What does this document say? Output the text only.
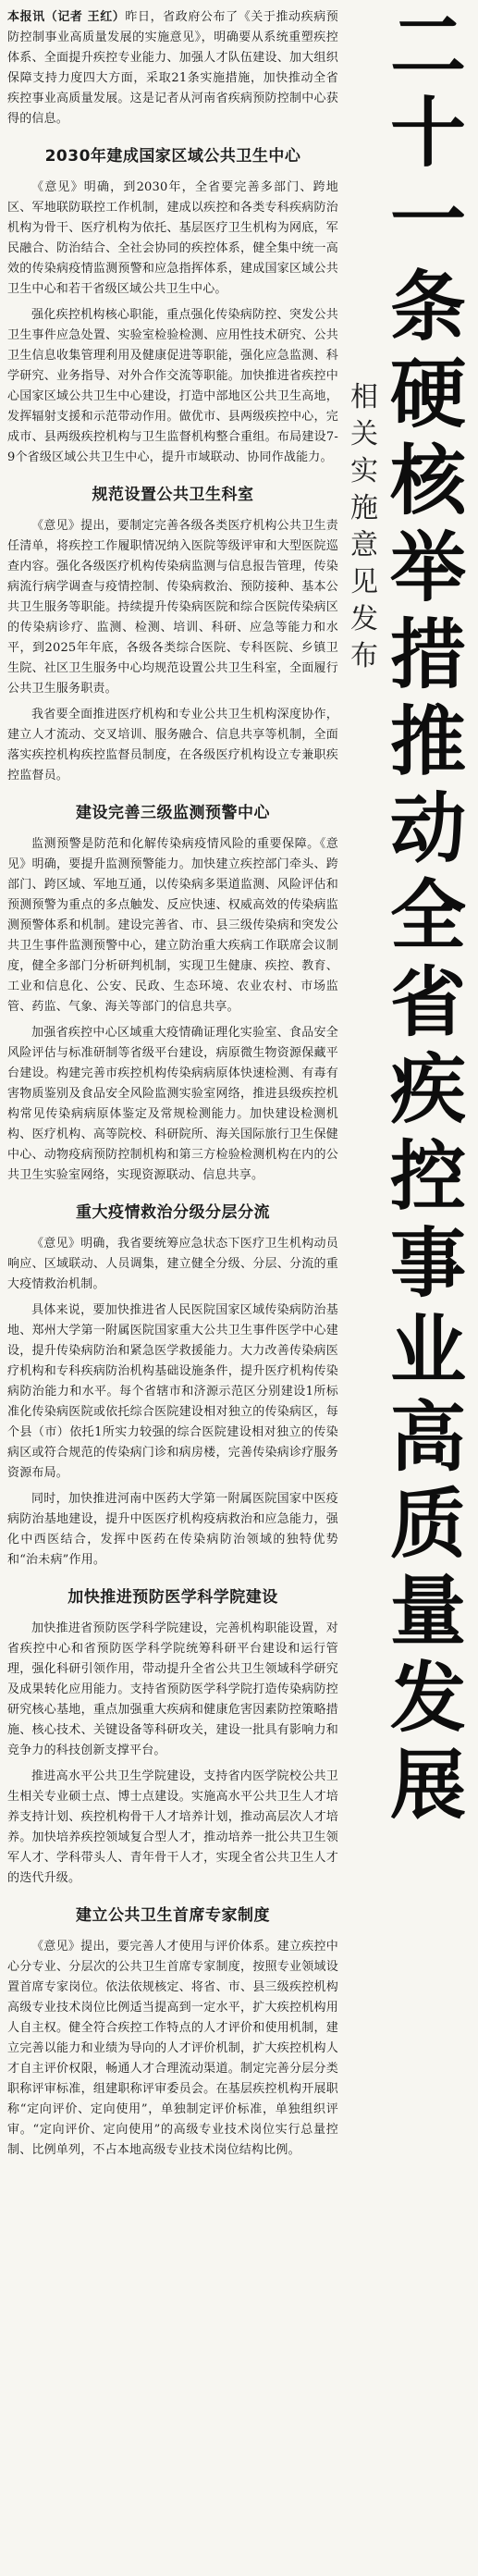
本报讯（记者 王红）昨日，省政府公布了《关于推动疾病预防控制事业高质量发展的实施意见》，明确要从系统重塑疾控体系、全面提升疾控专业能力、加强人才队伍建设、加大组织保障支持力度四大方面，采取21条实施措施，加快推动全省疾控事业高质量发展。这是记者从河南省疾病预防控制中心获得的信息。

2030年建成国家区域公共卫生中心

《意见》明确，到2030年，全省要完善多部门、跨地区、军地联防联控工作机制，建成以疾控和各类专科疾病防治机构为骨干、医疗机构为依托、基层医疗卫生机构为网底，军民融合、防治结合、全社会协同的疾控体系，健全集中统一高效的传染病疫情监测预警和应急指挥体系，建成国家区域公共卫生中心和若干省级区域公共卫生中心。

强化疾控机构核心职能，重点强化传染病防控、突发公共卫生事件应急处置、实验室检验检测、应用性技术研究、公共卫生信息收集管理利用及健康促进等职能，强化应急监测、科学研究、业务指导、对外合作交流等职能。加快推进省疾控中心国家区域公共卫生中心建设，打造中部地区公共卫生高地，发挥辐射支援和示范带动作用。做优市、县两级疾控中心，完成市、县两级疾控机构与卫生监督机构整合重组。布局建设7-9个省级区域公共卫生中心，提升市域联动、协同作战能力。

规范设置公共卫生科室

《意见》提出，要制定完善各级各类医疗机构公共卫生责任清单，将疾控工作履职情况纳入医院等级评审和大型医院巡查内容。强化各级医疗机构传染病监测与信息报告管理，传染病流行病学调查与疫情控制、传染病救治、预防接种、基本公共卫生服务等职能。持续提升传染病医院和综合医院传染病区的传染病诊疗、监测、检测、培训、科研、应急等能力和水平，到2025年年底，各级各类综合医院、专科医院、乡镇卫生院、社区卫生服务中心均规范设置公共卫生科室，全面履行公共卫生服务职责。

我省要全面推进医疗机构和专业公共卫生机构深度协作，建立人才流动、交叉培训、服务融合、信息共享等机制，全面落实疾控机构疾控监督员制度，在各级医疗机构设立专兼职疾控监督员。

建设完善三级监测预警中心

监测预警是防范和化解传染病疫情风险的重要保障。《意见》明确，要提升监测预警能力。加快建立疾控部门牵头、跨部门、跨区域、军地互通，以传染病多渠道监测、风险评估和预测预警为重点的多点触发、反应快速、权威高效的传染病监测预警体系和机制。建设完善省、市、县三级传染病和突发公共卫生事件监测预警中心，建立防治重大疾病工作联席会议制度，健全多部门分析研判机制，实现卫生健康、疾控、教育、工业和信息化、公安、民政、生态环境、农业农村、市场监管、药监、气象、海关等部门的信息共享。

加强省疾控中心区域重大疫情确证理化实验室、食品安全风险评估与标准研制等省级平台建设，病原微生物资源保藏平台建设。构建完善市疾控机构传染病病原体快速检测、有毒有害物质鉴别及食品安全风险监测实验室网络，推进县级疾控机构常见传染病病原体鉴定及常规检测能力。加快建设检测机构、医疗机构、高等院校、科研院所、海关国际旅行卫生保健中心、动物疫病预防控制机构和第三方检验检测机构在内的公共卫生实验室网络，实现资源联动、信息共享。

重大疫情救治分级分层分流

《意见》明确，我省要统筹应急状态下医疗卫生机构动员响应、区域联动、人员调集，建立健全分级、分层、分流的重大疫情救治机制。

具体来说，要加快推进省人民医院国家区域传染病防治基地、郑州大学第一附属医院国家重大公共卫生事件医学中心建设，提升传染病防治和紧急医学救援能力。大力改善传染病医疗机构和专科疾病防治机构基础设施条件，提升医疗机构传染病防治能力和水平。每个省辖市和济源示范区分别建设1所标准化传染病医院或依托综合医院建设相对独立的传染病区，每个县（市）依托1所实力较强的综合医院建设相对独立的传染病区或符合规范的传染病门诊和病房楼，完善传染病诊疗服务资源布局。

同时，加快推进河南中医药大学第一附属医院国家中医疫病防治基地建设，提升中医医疗机构疫病救治和应急能力，强化中西医结合，发挥中医药在传染病防治领域的独特优势和“治未病”作用。

加快推进预防医学科学院建设

加快推进省预防医学科学院建设，完善机构职能设置，对省疾控中心和省预防医学科学院统筹科研平台建设和运行管理，强化科研引领作用，带动提升全省公共卫生领域科学研究及成果转化应用能力。支持省预防医学科学院打造传染病防控研究核心基地，重点加强重大疾病和健康危害因素防控策略措施、核心技术、关键设备等科研攻关，建设一批具有影响力和竞争力的科技创新支撑平台。

推进高水平公共卫生学院建设，支持省内医学院校公共卫生相关专业硕士点、博士点建设。实施高水平公共卫生人才培养支持计划、疾控机构骨干人才培养计划，推动高层次人才培养。加快培养疾控领域复合型人才，推动培养一批公共卫生领军人才、学科带头人、青年骨干人才，实现全省公共卫生人才的迭代升级。

建立公共卫生首席专家制度

《意见》提出，要完善人才使用与评价体系。建立疾控中心分专业、分层次的公共卫生首席专家制度，按照专业领域设置首席专家岗位。依法依规核定、将省、市、县三级疾控机构高级专业技术岗位比例适当提高到一定水平，扩大疾控机构用人自主权。健全符合疾控工作特点的人才评价和使用机制，建立完善以能力和业绩为导向的人才评价机制，扩大疾控机构人才自主评价权限，畅通人才合理流动渠道。制定完善分层分类职称评审标准，组建职称评审委员会。在基层疾控机构开展职称“定向评价、定向使用”，单独制定评价标准，单独组织评审。“定向评价、定向使用”的高级专业技术岗位实行总量控制、比例单列，不占本地高级专业技术岗位结构比例。

二
十
一
条
硬
核
举
措
推
动
全
省
疾
控
事
业
高
质
量
发
展
相
关
实
施
意
见
发
布
